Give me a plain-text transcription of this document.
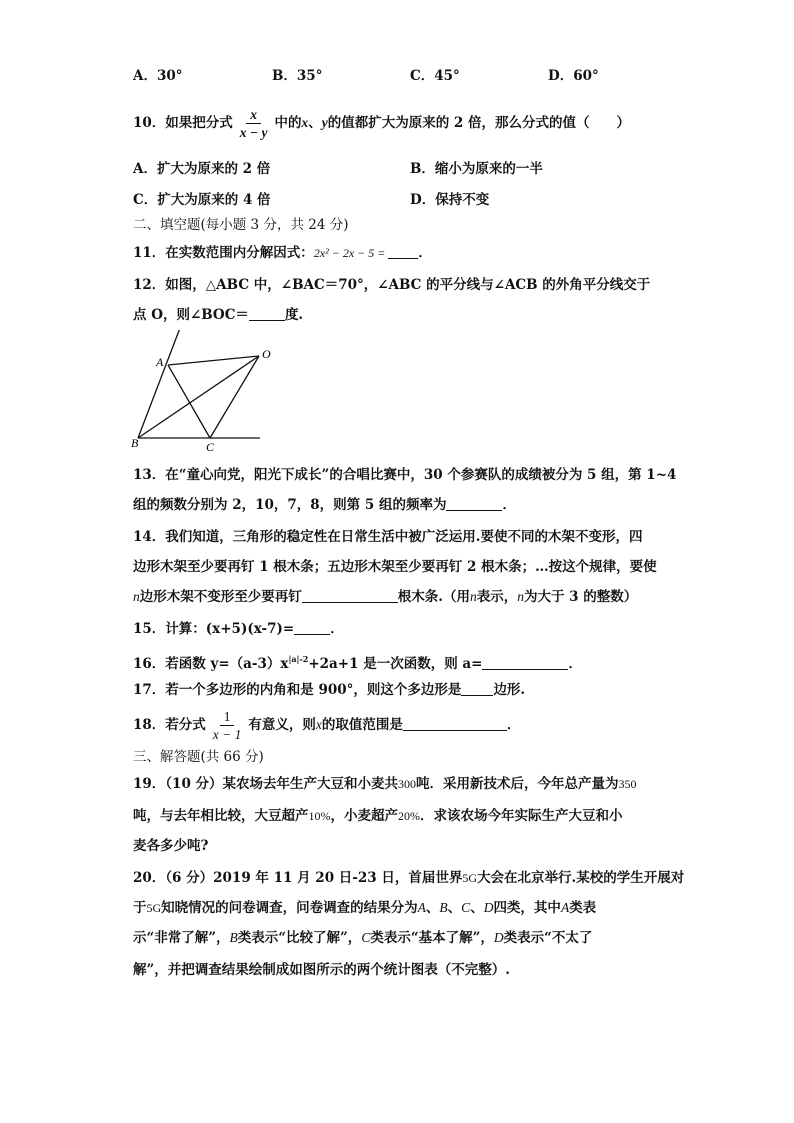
A．30°	B．35°	C．45°	D．60°
10．如果把分式 $\frac{x}{x - y}$ 中的x、y的值都扩大为原来的 2 倍，那么分式的值（　　）
A．扩大为原来的 2 倍	B．缩小为原来的一半
C．扩大为原来的 4 倍	D．保持不变
二、填空题(每小题 3 分，共 24 分)
11．在实数范围内分解因式：2x² − 2x − 5 = ．
12．如图，△ABC 中，∠BAC＝70°，∠ABC 的平分线与∠ACB 的外角平分线交于
点 O，则∠BOC＝	度.
A
O
B	C
13．在“童心向党，阳光下成长”的合唱比赛中，30 个参赛队的成绩被分为 5 组，第 1~4
组的频数分别为 2，10，7，8，则第 5 组的频率为	．
14．我们知道，三角形的稳定性在日常生活中被广泛运用.要使不同的木架不变形，四
边形木架至少要再钉 1 根木条；五边形木架至少要再钉 2 根木条；…按这个规律，要使
n边形木架不变形至少要再钉	根木条.（用n表示，n为大于 3 的整数）
15．计算：(x+5)(x-7)=	．
16．若函数 $y=(a-3)x^{|a|-2}+2a+1$ 是一次函数，则 a=	．
17．若一个多边形的内角和是 900°，则这个多边形是 边形.
18．若分式 $\frac{1}{x - 1}$ 有意义，则x的取值范围是	．
三、解答题(共 66 分)
19．（10 分）某农场去年生产大豆和小麦共300吨．采用新技术后，今年总产量为350
吨，与去年相比较，大豆超产10%，小麦超产20%．求该农场今年实际生产大豆和小
麦各多少吨?
20．（6 分）2019 年 11 月 20 日-23 日，首届世界5G大会在北京举行.某校的学生开展对
于5G知晓情况的问卷调查，问卷调查的结果分为A、B、C、D四类，其中A类表
示“非常了解”，B类表示“比较了解”，C类表示“基本了解”，D类表示“不太了
解”，并把调查结果绘制成如图所示的两个统计图表（不完整）.
